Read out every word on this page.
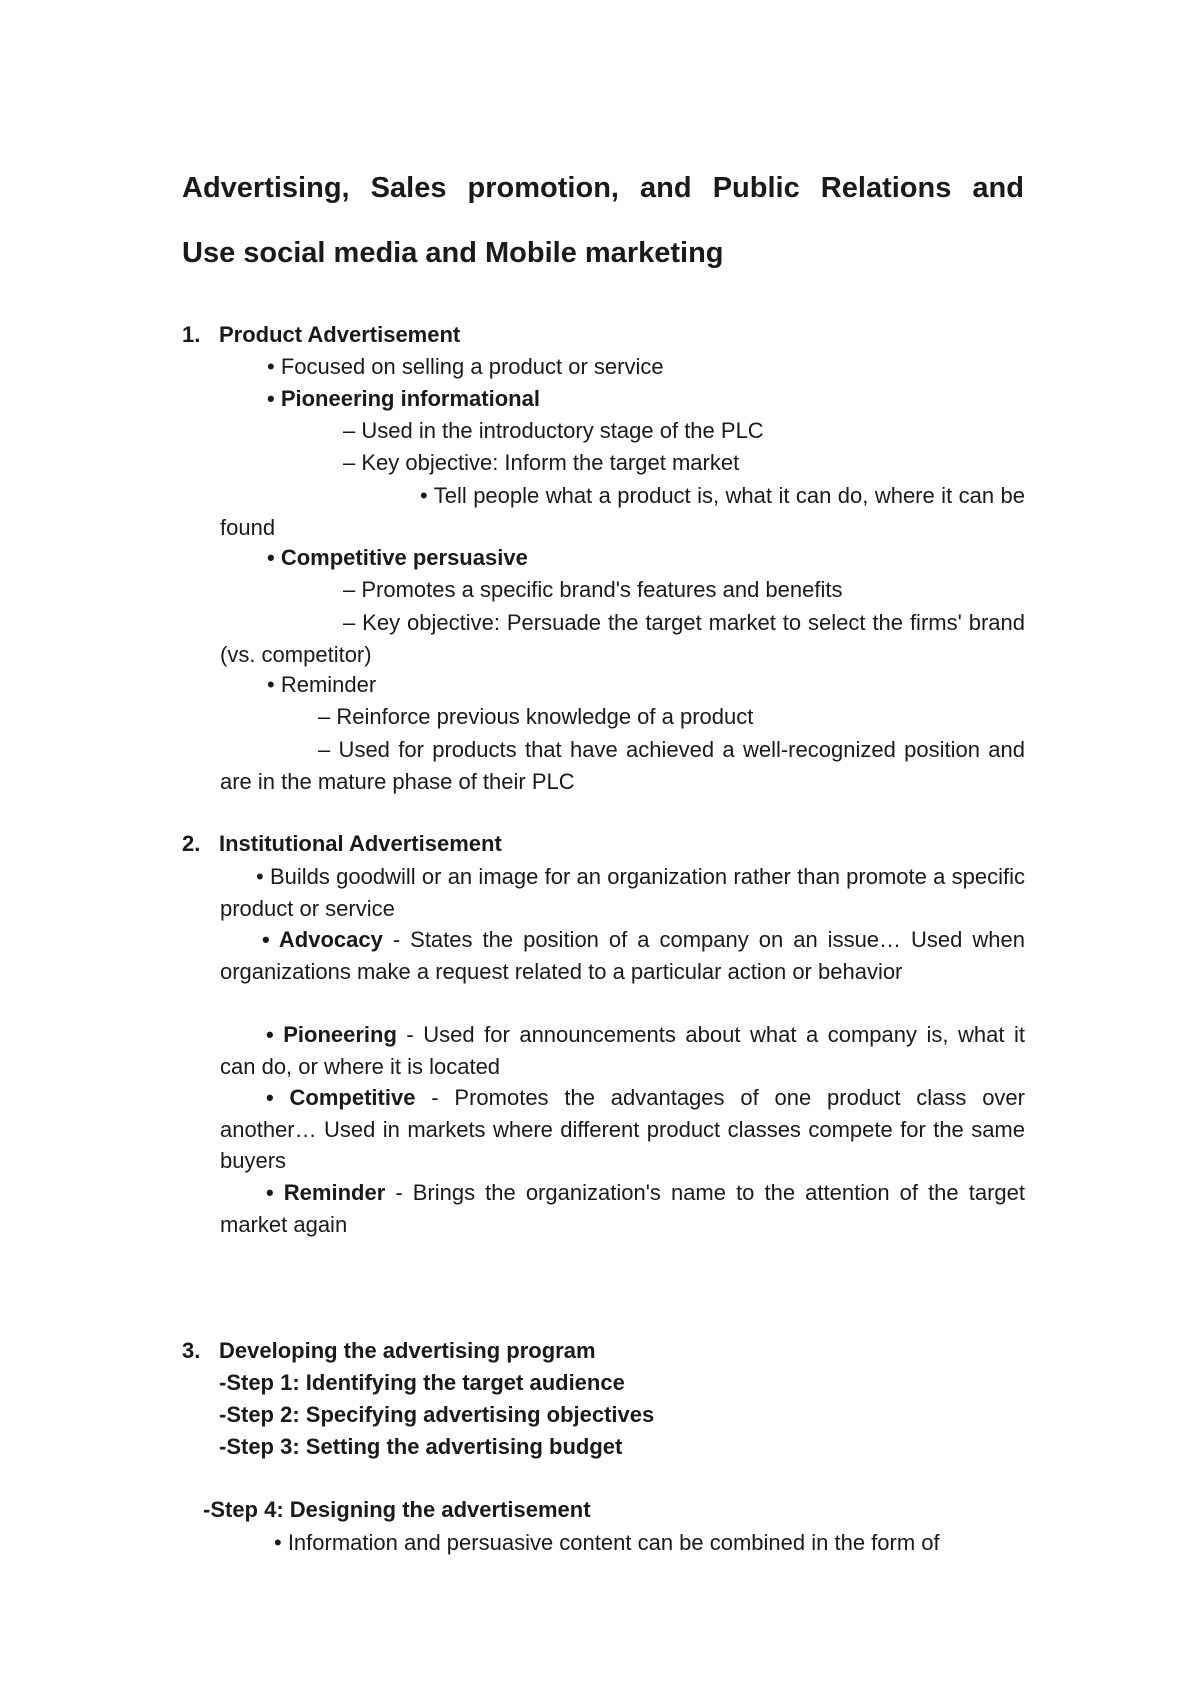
Advertising, Sales promotion, and Public Relations and
Use social media and Mobile marketing

1. Product Advertisement

• Focused on selling a product or service

• Pioneering informational

– Used in the introductory stage of the PLC

– Key objective: Inform the target market

• Tell people what a product is, what it can do, where it can be found

• Competitive persuasive

– Promotes a specific brand's features and benefits

– Key objective: Persuade the target market to select the firms' brand (vs. competitor)

• Reminder

– Reinforce previous knowledge of a product

– Used for products that have achieved a well-recognized position and are in the mature phase of their PLC

2. Institutional Advertisement

• Builds goodwill or an image for an organization rather than promote a specific product or service

• Advocacy - States the position of a company on an issue… Used when organizations make a request related to a particular action or behavior

• Pioneering - Used for announcements about what a company is, what it can do, or where it is located

• Competitive - Promotes the advantages of one product class over another… Used in markets where different product classes compete for the same buyers

• Reminder - Brings the organization's name to the attention of the target market again

3. Developing the advertising program

-Step 1: Identifying the target audience

-Step 2: Specifying advertising objectives

-Step 3: Setting the advertising budget

-Step 4: Designing the advertisement

• Information and persuasive content can be combined in the form of
